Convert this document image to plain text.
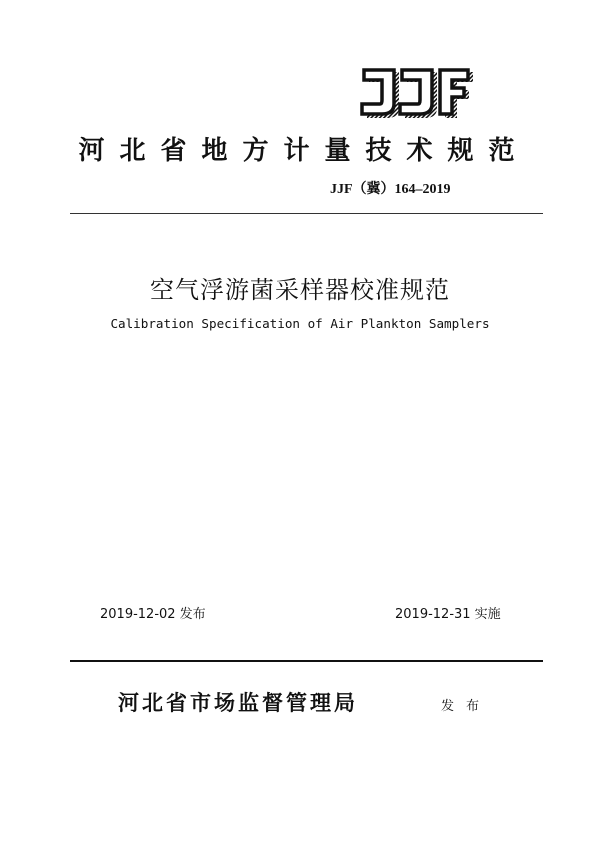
河北省地方计量技术规范
JJF（冀）164–2019
空气浮游菌采样器校准规范
Calibration Specification of Air Plankton Samplers
2019-12-02 发布	2019-12-31 实施
河北省市场监督管理局	发布
